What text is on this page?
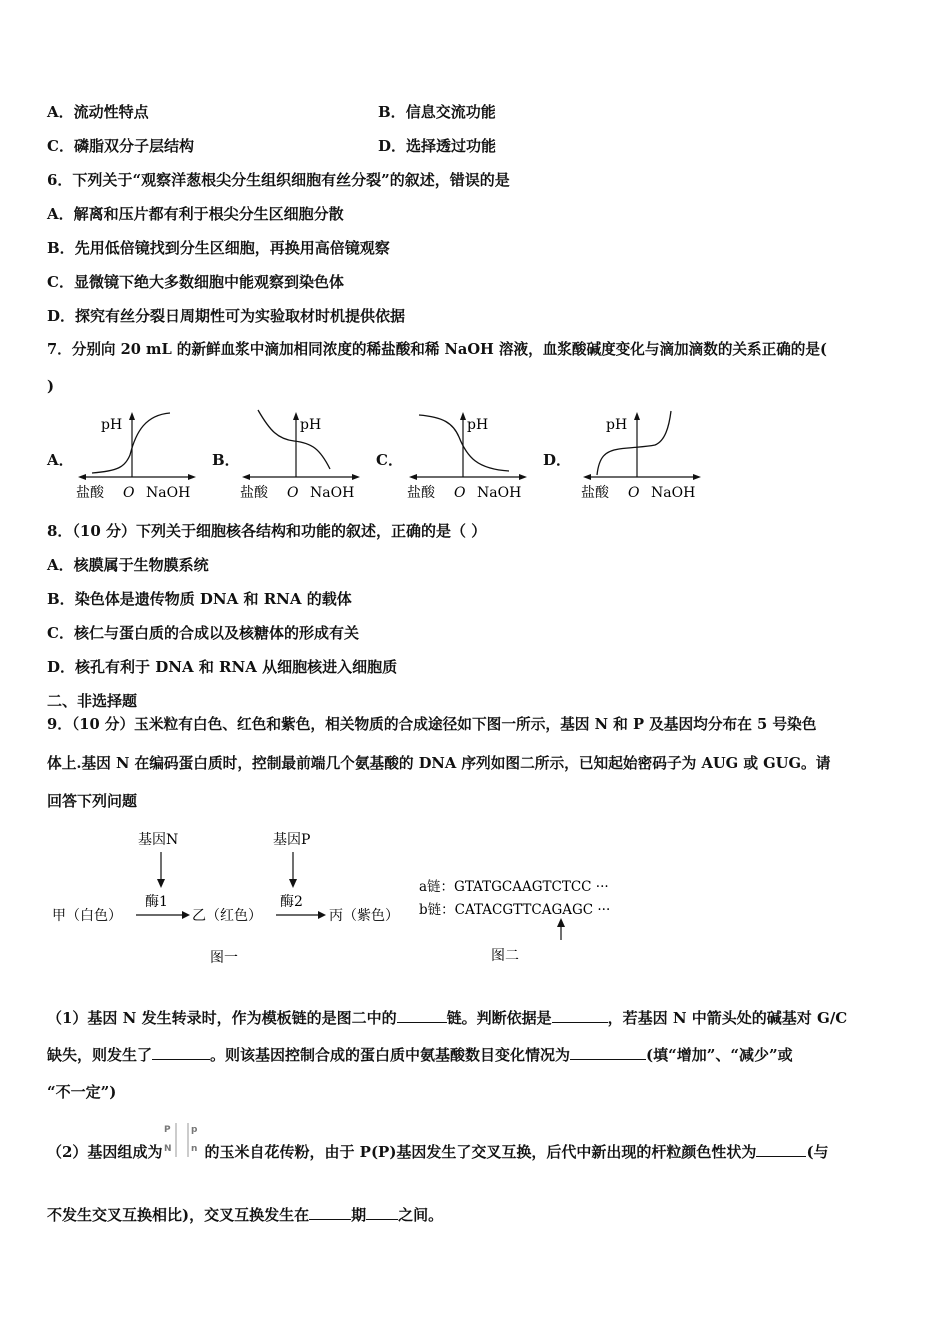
A．流动性特点	B．信息交流功能
C．磷脂双分子层结构	D．选择透过功能
6．下列关于“观察洋葱根尖分生组织细胞有丝分裂”的叙述，错误的是
A．解离和压片都有利于根尖分生区细胞分散
B．先用低倍镜找到分生区细胞，再换用高倍镜观察
C．显微镜下绝大多数细胞中能观察到染色体
D．探究有丝分裂日周期性可为实验取材时机提供依据
7．分别向 20 mL 的新鲜血浆中滴加相同浓度的稀盐酸和稀 NaOH 溶液，血浆酸碱度变化与滴加滴数的关系正确的是(
)
A．	B．	C．	D．
pH
盐酸 O NaOH
pH
盐酸 O NaOH
pH
盐酸 O NaOH
pH
盐酸 O NaOH
8．（10 分）下列关于细胞核各结构和功能的叙述，正确的是（ ）
A．核膜属于生物膜系统
B．染色体是遗传物质 DNA 和 RNA 的载体
C．核仁与蛋白质的合成以及核糖体的形成有关
D．核孔有利于 DNA 和 RNA 从细胞核进入细胞质
二、非选择题
9．（10 分）玉米粒有白色、红色和紫色，相关物质的合成途径如下图一所示，基因 N 和 P 及基因均分布在 5 号染色
体上.基因 N 在编码蛋白质时，控制最前端几个氨基酸的 DNA 序列如图二所示，已知起始密码子为 AUG 或 GUG。请
回答下列问题
基因N	基因P
酶1	酶2
甲（白色）	乙（红色）	丙（紫色）
图一
a链：GTATGCAAGTCTCC ···
b链：CATACGTTCAGAGC ···
图二
（1）基因 N 发生转录时，作为模板链的是图二中的	链。判断依据是	，若基因 N 中箭头处的碱基对 G/C
缺失，则发生了	。则该基因控制合成的蛋白质中氨基酸数目变化情况为	(填“增加”、“减少”或
“不一定”)
（2）基因组成为
P
N
p
n 的玉米自花传粉，由于 P(P)基因发生了交叉互换，后代中新出现的杆粒颜色性状为	(与
不发生交叉互换相比)，交叉互换发生在	期 之间。
